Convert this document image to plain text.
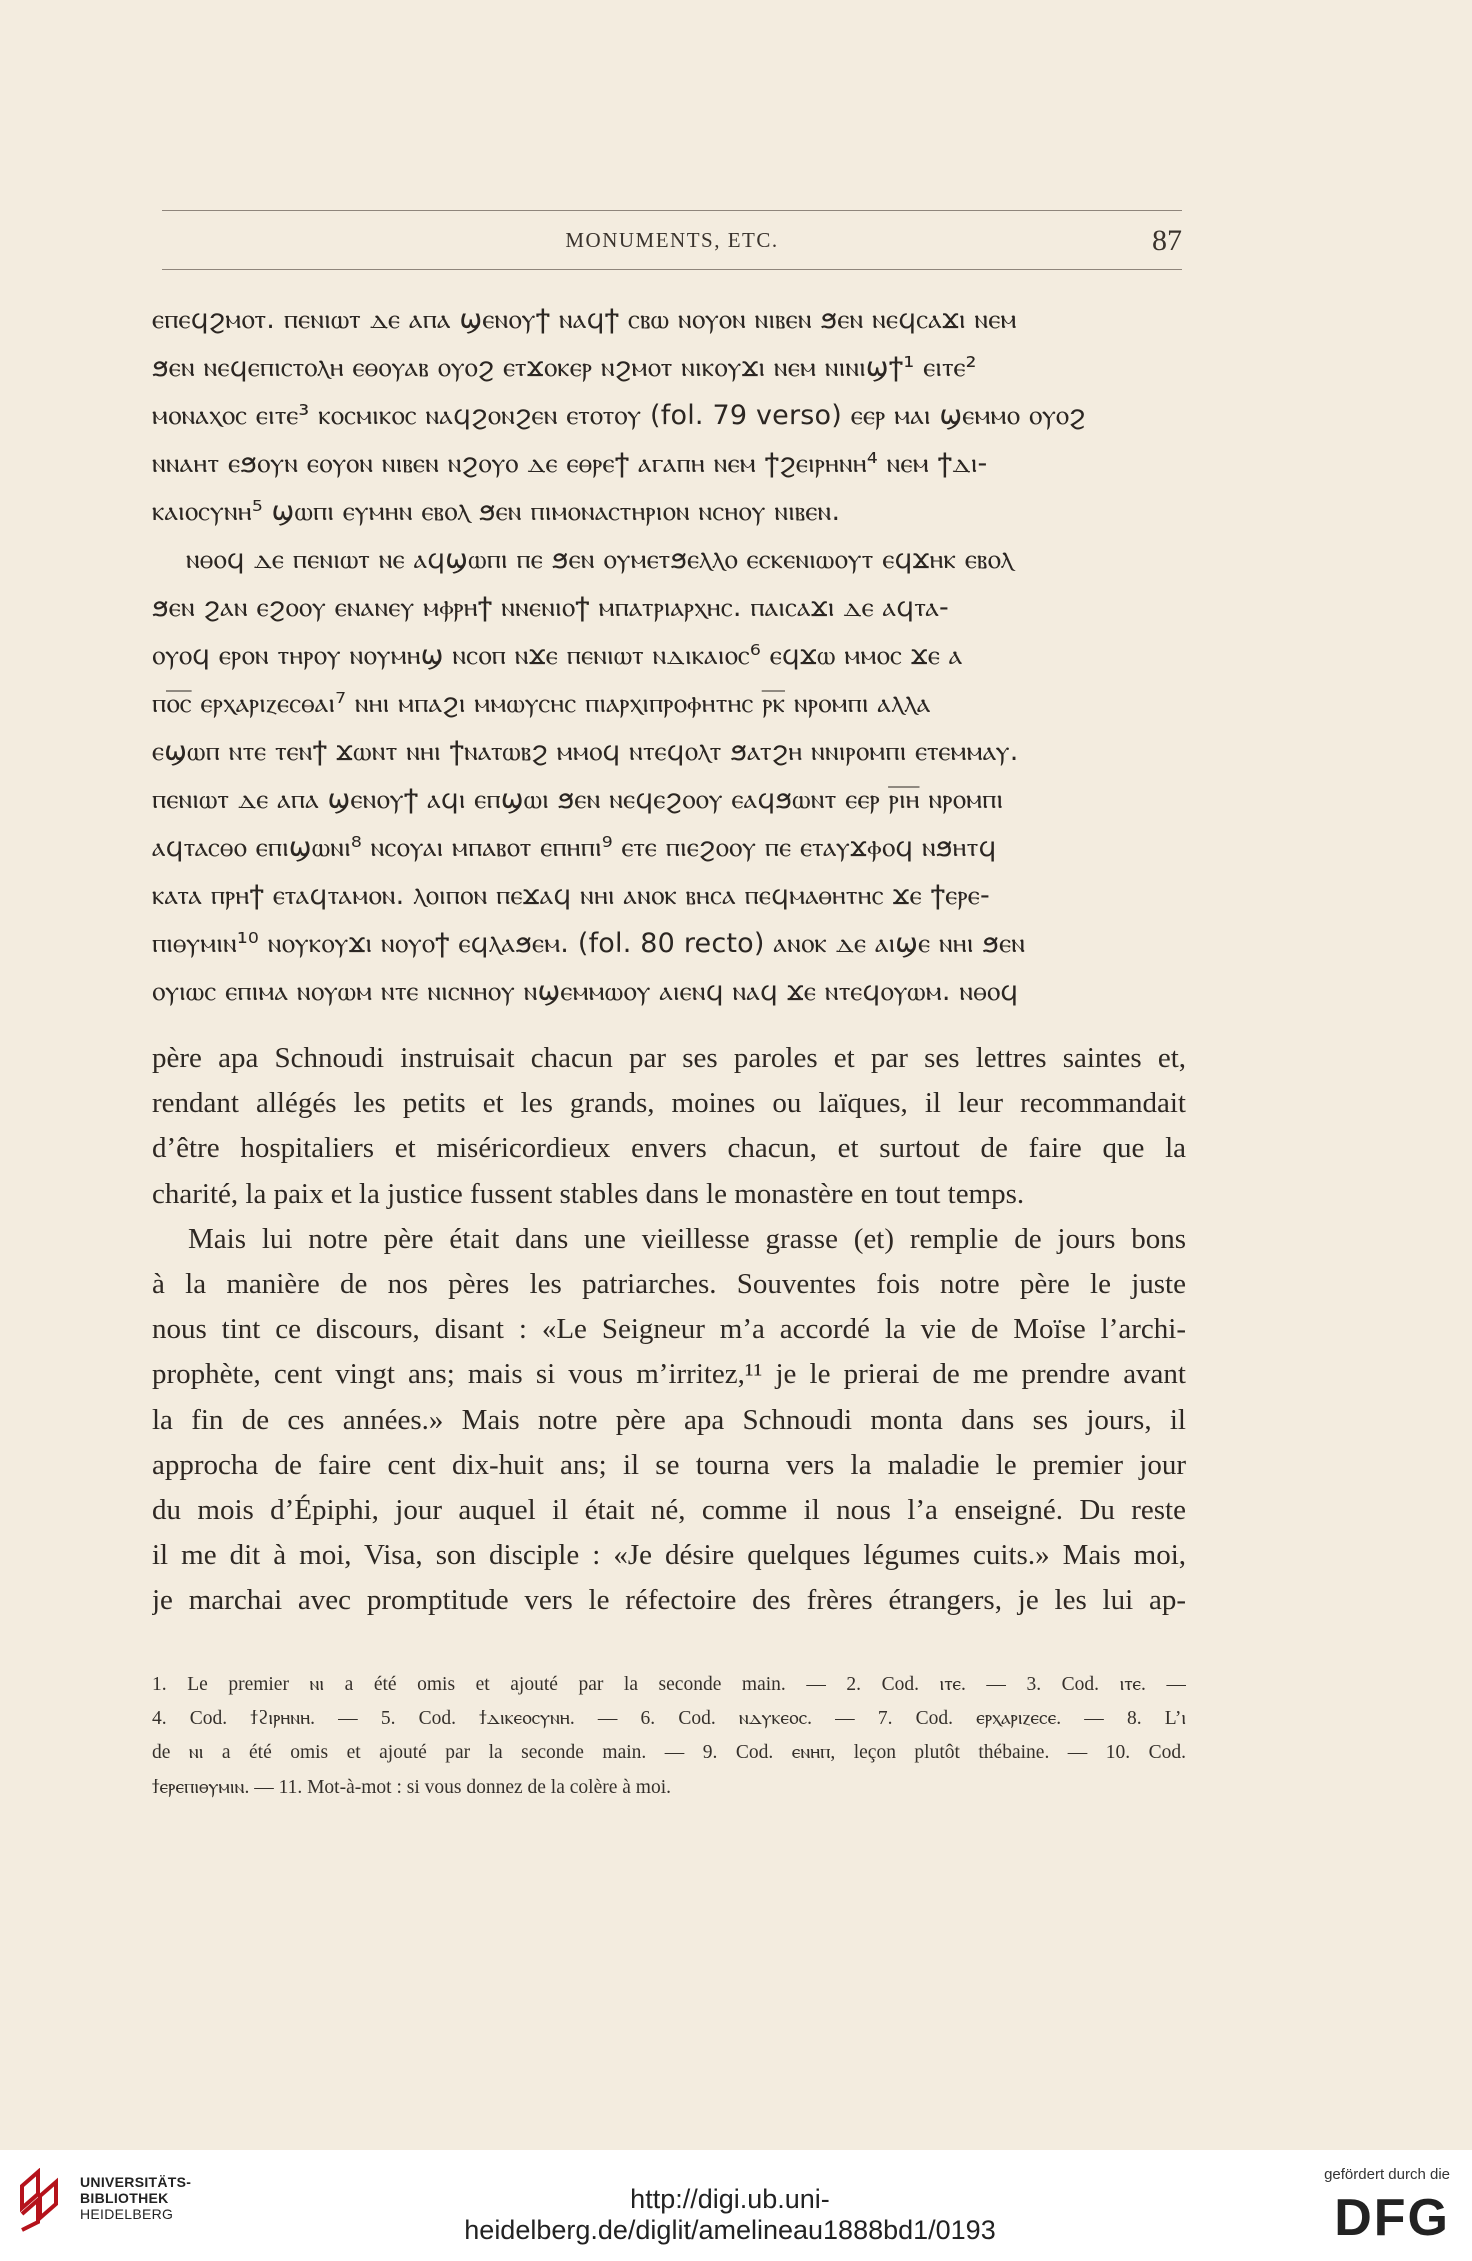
MONUMENTS, ETC.	87
ⲉⲡⲉϥϩⲙⲟⲧ. ⲡⲉⲛⲓⲱⲧ ⲇⲉ ⲁⲡⲁ ϣⲉⲛⲟⲩϯ ⲛⲁϥϯ ⲥⲃⲱ ⲛⲟⲩⲟⲛ ⲛⲓⲃⲉⲛ ϧⲉⲛ ⲛⲉϥⲥⲁϫⲓ ⲛⲉⲙ
ϧⲉⲛ ⲛⲉϥⲉⲡⲓⲥⲧⲟⲗⲏ ⲉⲑⲟⲩⲁⲃ ⲟⲩⲟϩ ⲉⲧϫⲟⲕⲉⲣ ⲛϩⲙⲟⲧ ⲛⲓⲕⲟⲩϫⲓ ⲛⲉⲙ ⲛⲓⲛⲓϣϯ¹ ⲉⲓⲧⲉ²
ⲙⲟⲛⲁⲭⲟⲥ ⲉⲓⲧⲉ³ ⲕⲟⲥⲙⲓⲕⲟⲥ ⲛⲁϥϩⲟⲛϩⲉⲛ ⲉⲧⲟⲧⲟⲩ (fol. 79 verso) ⲉⲉⲣ ⲙⲁⲓ ϣⲉⲙⲙⲟ ⲟⲩⲟϩ
ⲛⲛⲁⲏⲧ ⲉϧⲟⲩⲛ ⲉⲟⲩⲟⲛ ⲛⲓⲃⲉⲛ ⲛϩⲟⲩⲟ ⲇⲉ ⲉⲑⲣⲉϯ ⲁⲅⲁⲡⲏ ⲛⲉⲙ ϯϩⲉⲓⲣⲏⲛⲏ⁴ ⲛⲉⲙ ϯⲇⲓ-
ⲕⲁⲓⲟⲥⲩⲛⲏ⁵ ϣⲱⲡⲓ ⲉⲩⲙⲏⲛ ⲉⲃⲟⲗ ϧⲉⲛ ⲡⲓⲙⲟⲛⲁⲥⲧⲏⲣⲓⲟⲛ ⲛⲥⲏⲟⲩ ⲛⲓⲃⲉⲛ.
ⲛⲑⲟϥ ⲇⲉ ⲡⲉⲛⲓⲱⲧ ⲛⲉ ⲁϥϣⲱⲡⲓ ⲡⲉ ϧⲉⲛ ⲟⲩⲙⲉⲧϧⲉⲗⲗⲟ ⲉⲥⲕⲉⲛⲓⲱⲟⲩⲧ ⲉϥϫⲏⲕ ⲉⲃⲟⲗ
ϧⲉⲛ ϩⲁⲛ ⲉϩⲟⲟⲩ ⲉⲛⲁⲛⲉⲩ ⲙⲫⲣⲏϯ ⲛⲛⲉⲛⲓⲟϯ ⲙⲡⲁⲧⲣⲓⲁⲣⲭⲏⲥ. ⲡⲁⲓⲥⲁϫⲓ ⲇⲉ ⲁϥⲧⲁ-
ⲟⲩⲟϥ ⲉⲣⲟⲛ ⲧⲏⲣⲟⲩ ⲛⲟⲩⲙⲏϣ ⲛⲥⲟⲡ ⲛϫⲉ ⲡⲉⲛⲓⲱⲧ ⲛⲇⲓⲕⲁⲓⲟⲥ⁶ ⲉϥϫⲱ ⲙⲙⲟⲥ ϫⲉ ⲁ
ⲡⲟ̅ⲥ̅ ⲉⲣⲭⲁⲣⲓⲍⲉⲥⲑⲁⲓ⁷ ⲛⲏⲓ ⲙⲡⲁϩⲓ ⲙⲙⲱⲩⲥⲏⲥ ⲡⲓⲁⲣⲭⲓⲡⲣⲟⲫⲏⲧⲏⲥ ⲣ̅ⲕ̅ ⲛⲣⲟⲙⲡⲓ ⲁⲗⲗⲁ
ⲉϣⲱⲡ ⲛⲧⲉ ⲧⲉⲛϯ ϫⲱⲛⲧ ⲛⲏⲓ ϯⲛⲁⲧⲱⲃϩ ⲙⲙⲟϥ ⲛⲧⲉϥⲟⲗⲧ ϧⲁⲧϩⲏ ⲛⲛⲓⲣⲟⲙⲡⲓ ⲉⲧⲉⲙⲙⲁⲩ.
ⲡⲉⲛⲓⲱⲧ ⲇⲉ ⲁⲡⲁ ϣⲉⲛⲟⲩϯ ⲁϥⲓ ⲉⲡϣⲱⲓ ϧⲉⲛ ⲛⲉϥⲉϩⲟⲟⲩ ⲉⲁϥϧⲱⲛⲧ ⲉⲉⲣ ⲣ̅ⲓ̅ⲏ̅ ⲛⲣⲟⲙⲡⲓ
ⲁϥⲧⲁⲥⲑⲟ ⲉⲡⲓϣⲱⲛⲓ⁸ ⲛⲥⲟⲩⲁⲓ ⲙⲡⲁⲃⲟⲧ ⲉⲡⲏⲡⲓ⁹ ⲉⲧⲉ ⲡⲓⲉϩⲟⲟⲩ ⲡⲉ ⲉⲧⲁⲩϫⲫⲟϥ ⲛϧⲏⲧϥ
ⲕⲁⲧⲁ ⲡⲣⲏϯ ⲉⲧⲁϥⲧⲁⲙⲟⲛ. ⲗⲟⲓⲡⲟⲛ ⲡⲉϫⲁϥ ⲛⲏⲓ ⲁⲛⲟⲕ ⲃⲏⲥⲁ ⲡⲉϥⲙⲁⲑⲏⲧⲏⲥ ϫⲉ ϯⲉⲣⲉ-
ⲡⲓⲑⲩⲙⲓⲛ¹⁰ ⲛⲟⲩⲕⲟⲩϫⲓ ⲛⲟⲩⲟϯ ⲉϥⲗⲁϧⲉⲙ. (fol. 80 recto) ⲁⲛⲟⲕ ⲇⲉ ⲁⲓϣⲉ ⲛⲏⲓ ϧⲉⲛ
ⲟⲩⲓⲱⲥ ⲉⲡⲓⲙⲁ ⲛⲟⲩⲱⲙ ⲛⲧⲉ ⲛⲓⲥⲛⲏⲟⲩ ⲛϣⲉⲙⲙⲱⲟⲩ ⲁⲓⲉⲛϥ ⲛⲁϥ ϫⲉ ⲛⲧⲉϥⲟⲩⲱⲙ. ⲛⲑⲟϥ
père apa Schnoudi instruisait chacun par ses paroles et par ses lettres saintes et,
rendant allégés les petits et les grands, moines ou laïques, il leur recommandait
d’être hospitaliers et miséricordieux envers chacun, et surtout de faire que la
charité, la paix et la justice fussent stables dans le monastère en tout temps.
Mais lui notre père était dans une vieillesse grasse (et) remplie de jours bons
à la manière de nos pères les patriarches. Souventes fois notre père le juste
nous tint ce discours, disant : «Le Seigneur m’a accordé la vie de Moïse l’archi-
prophète, cent vingt ans; mais si vous m’irritez,¹¹ je le prierai de me prendre avant
la fin de ces années.» Mais notre père apa Schnoudi monta dans ses jours, il
approcha de faire cent dix-huit ans; il se tourna vers la maladie le premier jour
du mois d’Épiphi, jour auquel il était né, comme il nous l’a enseigné. Du reste
il me dit à moi, Visa, son disciple : «Je désire quelques légumes cuits.» Mais moi,
je marchai avec promptitude vers le réfectoire des frères étrangers, je les lui ap-
1. Le premier ⲛⲓ a été omis et ajouté par la seconde main. — 2. Cod. ⲓⲧⲉ. — 3. Cod. ⲓⲧⲉ. —
4. Cod. ϯϩⲓⲣⲏⲛⲏ. — 5. Cod. ϯⲇⲓⲕⲉⲟⲥⲩⲛⲏ. — 6. Cod. ⲛⲇⲩⲕⲉⲟⲥ. — 7. Cod. ⲉⲣⲭⲁⲣⲓⲍⲉⲥⲉ. — 8. L’ⲓ
de ⲛⲓ a été omis et ajouté par la seconde main. — 9. Cod. ⲉⲛⲏⲡ, leçon plutôt thébaine. — 10. Cod.
ϯⲉⲣⲉⲡⲓⲑⲩⲙⲓⲛ. — 11. Mot-à-mot : si vous donnez de la colère à moi.
UNIVERSITÄTS-
BIBLIOTHEK
HEIDELBERG	http://digi.ub.uni-heidelberg.de/diglit/amelineau1888bd1/0193
gefördert durch die
DFG
